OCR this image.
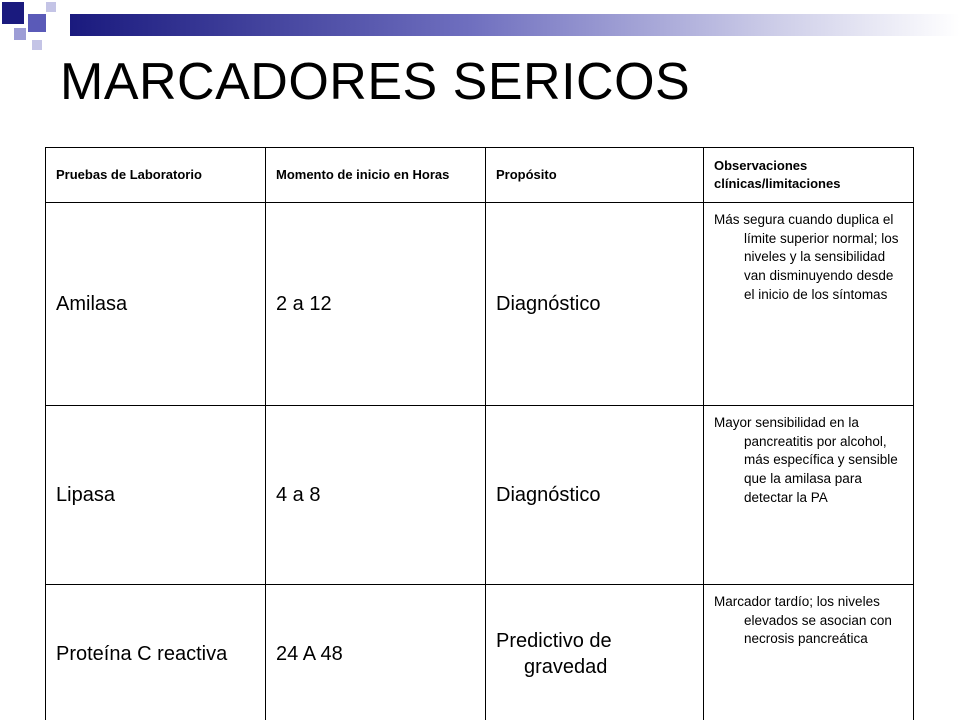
MARCADORES SERICOS
Pruebas de Laboratorio	Momento de inicio en Horas	Propósito	Observaciones clínicas/limitaciones

Amilasa	2 a 12	Diagnóstico	Más segura cuando duplica el límite superior normal; los niveles y la sensibilidad van disminuyendo desde el inicio de los síntomas

Lipasa	4 a 8	Diagnóstico	Mayor sensibilidad en la pancreatitis por alcohol, más específica y sensible que la amilasa para detectar la PA

Proteína C reactiva	24 A 48	Predictivo de gravedad	Marcador tardío; los niveles elevados se asocian con necrosis pancreática
